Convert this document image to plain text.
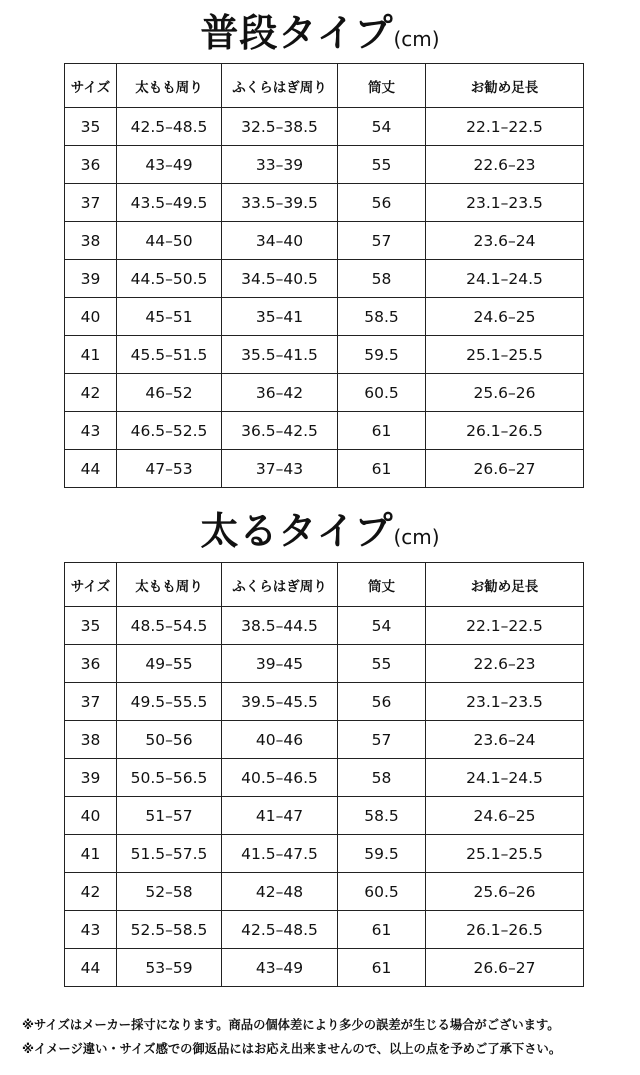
普段タイプ(cm)
サイズ	太もも周り	ふくらはぎ周り	筒丈	お勧め足長
35	42.5–48.5	32.5–38.5	54	22.1–22.5
36	43–49	33–39	55	22.6–23
37	43.5–49.5	33.5–39.5	56	23.1–23.5
38	44–50	34–40	57	23.6–24
39	44.5–50.5	34.5–40.5	58	24.1–24.5
40	45–51	35–41	58.5	24.6–25
41	45.5–51.5	35.5–41.5	59.5	25.1–25.5
42	46–52	36–42	60.5	25.6–26
43	46.5–52.5	36.5–42.5	61	26.1–26.5
44	47–53	37–43	61	26.6–27
太るタイプ(cm)
サイズ	太もも周り	ふくらはぎ周り	筒丈	お勧め足長
35	48.5–54.5	38.5–44.5	54	22.1–22.5
36	49–55	39–45	55	22.6–23
37	49.5–55.5	39.5–45.5	56	23.1–23.5
38	50–56	40–46	57	23.6–24
39	50.5–56.5	40.5–46.5	58	24.1–24.5
40	51–57	41–47	58.5	24.6–25
41	51.5–57.5	41.5–47.5	59.5	25.1–25.5
42	52–58	42–48	60.5	25.6–26
43	52.5–58.5	42.5–48.5	61	26.1–26.5
44	53–59	43–49	61	26.6–27
※サイズはメーカー採寸になります。商品の個体差により多少の誤差が生じる場合がございます。
※イメージ違い・サイズ感での御返品にはお応え出来ませんので、以上の点を予めご了承下さい。
